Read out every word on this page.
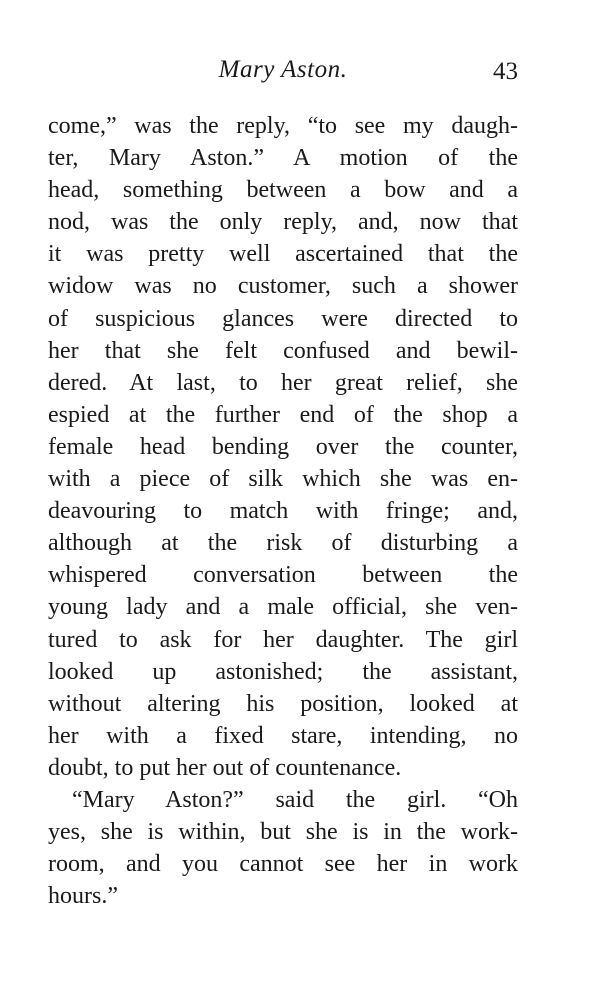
Mary Aston.	43
come,” was the reply, “to see my daugh-
ter, Mary Aston.” A motion of the
head, something between a bow and a
nod, was the only reply, and, now that
it was pretty well ascertained that the
widow was no customer, such a shower
of suspicious glances were directed to
her that she felt confused and bewil-
dered. At last, to her great relief, she
espied at the further end of the shop a
female head bending over the counter,
with a piece of silk which she was en-
deavouring to match with fringe; and,
although at the risk of disturbing a
whispered conversation between the
young lady and a male official, she ven-
tured to ask for her daughter. The girl
looked up astonished; the assistant,
without altering his position, looked at
her with a fixed stare, intending, no
doubt, to put her out of countenance.
“Mary Aston?” said the girl. “Oh
yes, she is within, but she is in the work-
room, and you cannot see her in work
hours.”
